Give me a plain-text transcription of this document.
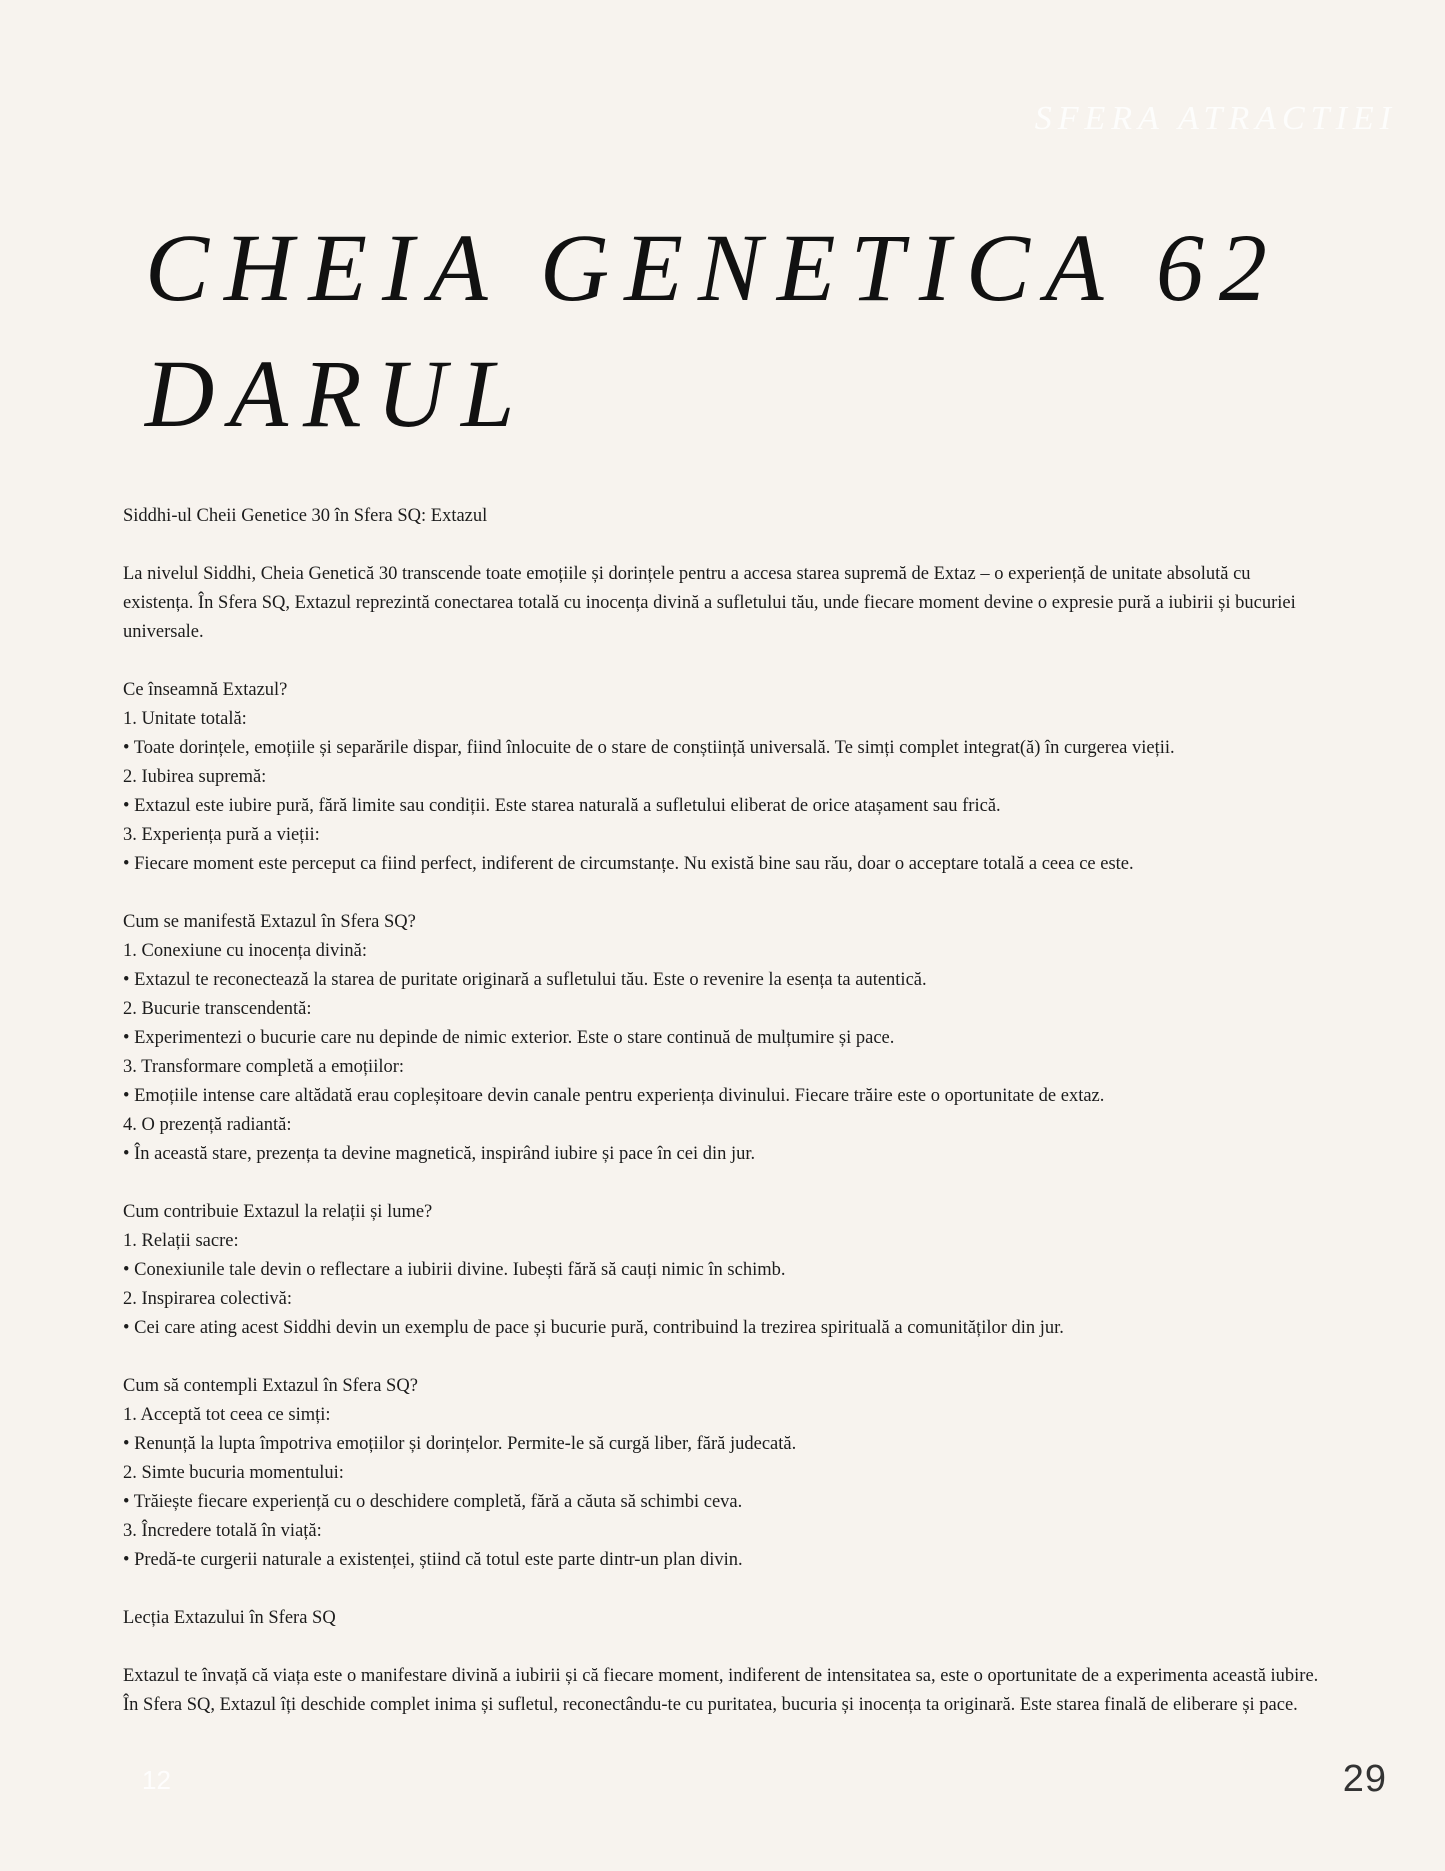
SFERA ATRACTIEI
CHEIA GENETICA 62
DARUL

Siddhi-ul Cheii Genetice 30 în Sfera SQ: Extazul

La nivelul Siddhi, Cheia Genetică 30 transcende toate emoțiile și dorințele pentru a accesa starea supremă de Extaz – o experiență de unitate absolută cu existența. În Sfera SQ, Extazul reprezintă conectarea totală cu inocența divină a sufletului tău, unde fiecare moment devine o expresie pură a iubirii și bucuriei universale.

Ce înseamnă Extazul?

1. Unitate totală:

• Toate dorințele, emoțiile și separările dispar, fiind înlocuite de o stare de conștiință universală. Te simți complet integrat(ă) în curgerea vieții.

2. Iubirea supremă:

• Extazul este iubire pură, fără limite sau condiții. Este starea naturală a sufletului eliberat de orice atașament sau frică.

3. Experiența pură a vieții:

• Fiecare moment este perceput ca fiind perfect, indiferent de circumstanțe. Nu există bine sau rău, doar o acceptare totală a ceea ce este.

Cum se manifestă Extazul în Sfera SQ?

1. Conexiune cu inocența divină:

• Extazul te reconectează la starea de puritate originară a sufletului tău. Este o revenire la esența ta autentică.

2. Bucurie transcendentă:

• Experimentezi o bucurie care nu depinde de nimic exterior. Este o stare continuă de mulțumire și pace.

3. Transformare completă a emoțiilor:

• Emoțiile intense care altădată erau copleșitoare devin canale pentru experiența divinului. Fiecare trăire este o oportunitate de extaz.

4. O prezență radiantă:

• În această stare, prezența ta devine magnetică, inspirând iubire și pace în cei din jur.

Cum contribuie Extazul la relații și lume?

1. Relații sacre:

• Conexiunile tale devin o reflectare a iubirii divine. Iubești fără să cauți nimic în schimb.

2. Inspirarea colectivă:

• Cei care ating acest Siddhi devin un exemplu de pace și bucurie pură, contribuind la trezirea spirituală a comunităților din jur.

Cum să contempli Extazul în Sfera SQ?

1. Acceptă tot ceea ce simți:

• Renunță la lupta împotriva emoțiilor și dorințelor. Permite-le să curgă liber, fără judecată.

2. Simte bucuria momentului:

• Trăiește fiecare experiență cu o deschidere completă, fără a căuta să schimbi ceva.

3. Încredere totală în viață:

• Predă-te curgerii naturale a existenței, știind că totul este parte dintr-un plan divin.

Lecția Extazului în Sfera SQ

Extazul te învață că viața este o manifestare divină a iubirii și că fiecare moment, indiferent de intensitatea sa, este o oportunitate de a experimenta această iubire. În Sfera SQ, Extazul îți deschide complet inima și sufletul, reconectându-te cu puritatea, bucuria și inocența ta originară. Este starea finală de eliberare și pace.

12	29
